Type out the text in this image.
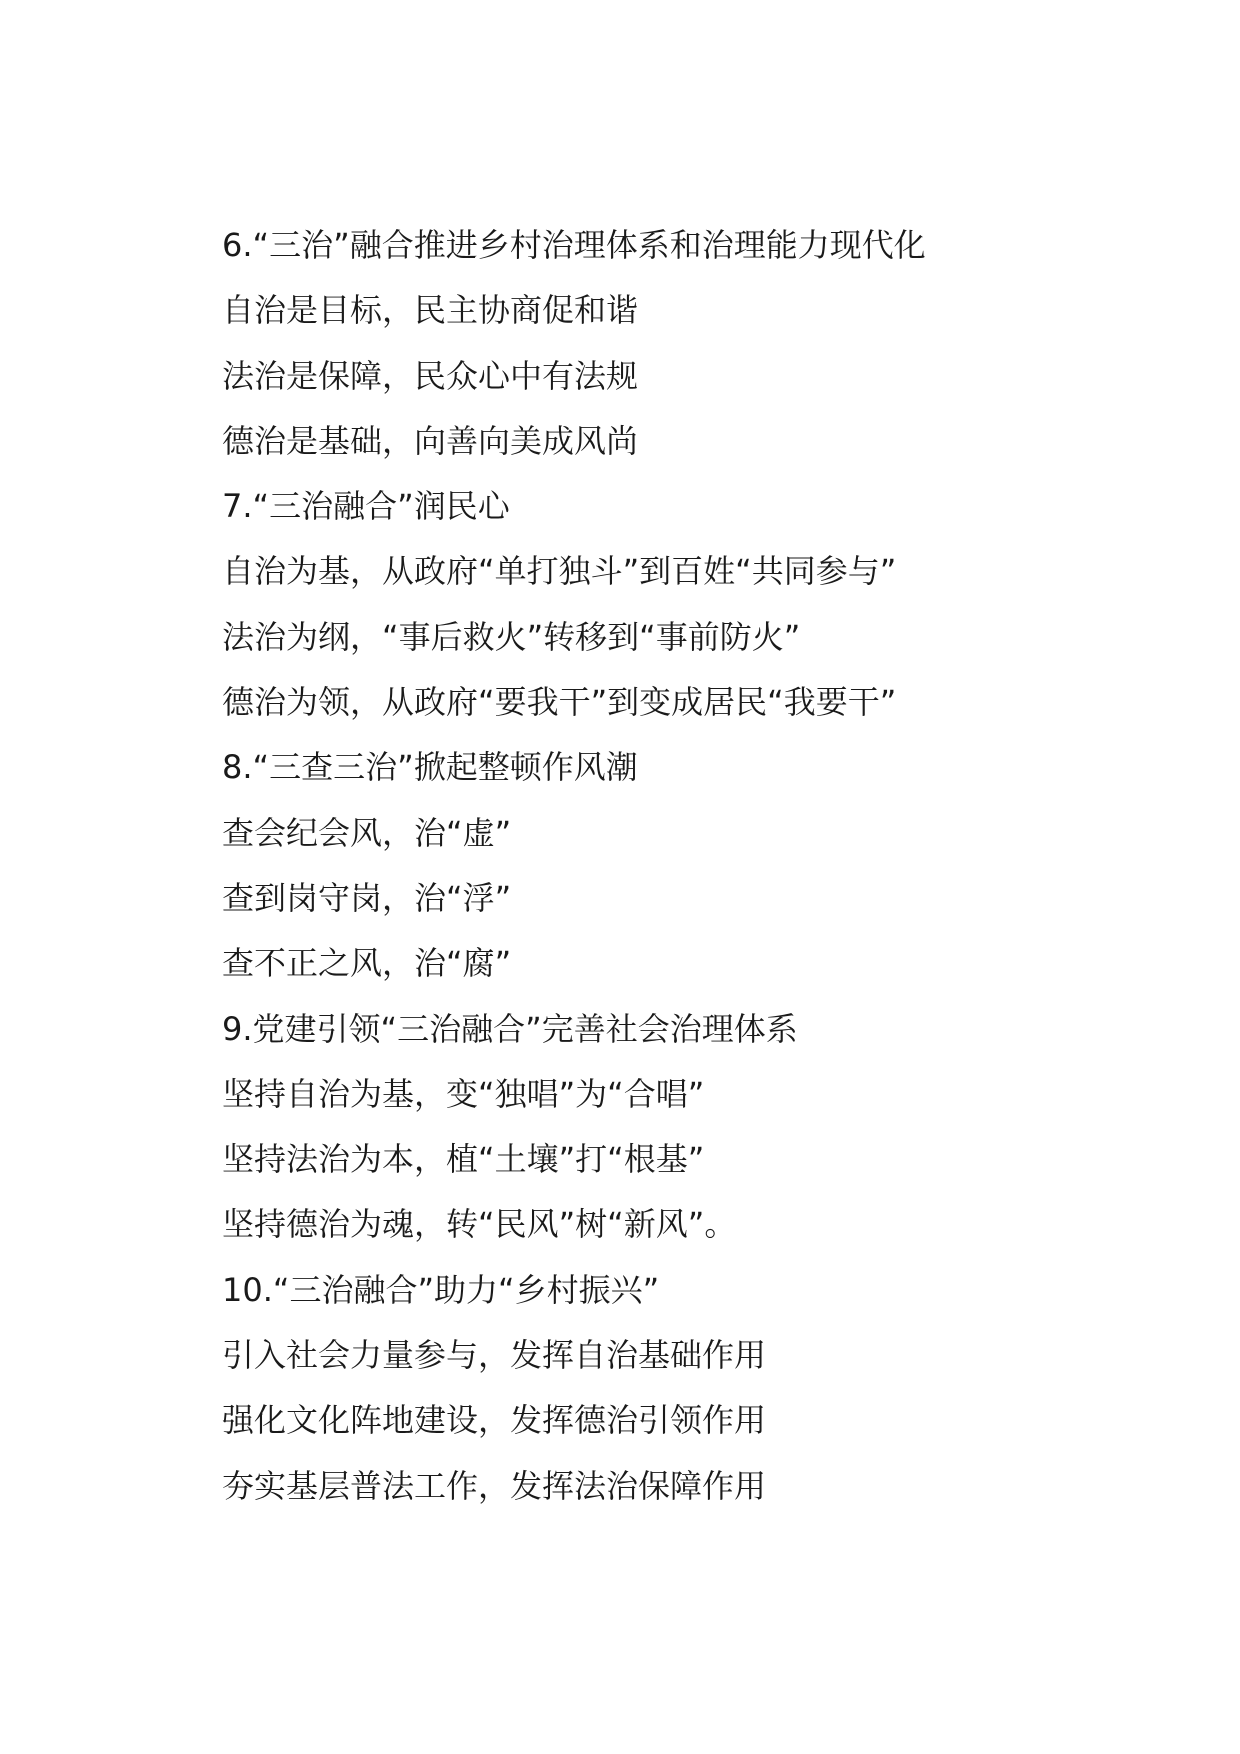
6.“三治”融合推进乡村治理体系和治理能力现代化
自治是目标，民主协商促和谐
法治是保障，民众心中有法规
德治是基础，向善向美成风尚
7.“三治融合”润民心
自治为基，从政府“单打独斗”到百姓“共同参与”
法治为纲，“事后救火”转移到“事前防火”
德治为领，从政府“要我干”到变成居民“我要干”
8.“三查三治”掀起整顿作风潮
查会纪会风，治“虚”
查到岗守岗，治“浮”
查不正之风，治“腐”
9.党建引领“三治融合”完善社会治理体系
坚持自治为基，变“独唱”为“合唱”
坚持法治为本，植“土壤”打“根基”
坚持德治为魂，转“民风”树“新风”。
10.“三治融合”助力“乡村振兴”
引入社会力量参与，发挥自治基础作用
强化文化阵地建设，发挥德治引领作用
夯实基层普法工作，发挥法治保障作用
